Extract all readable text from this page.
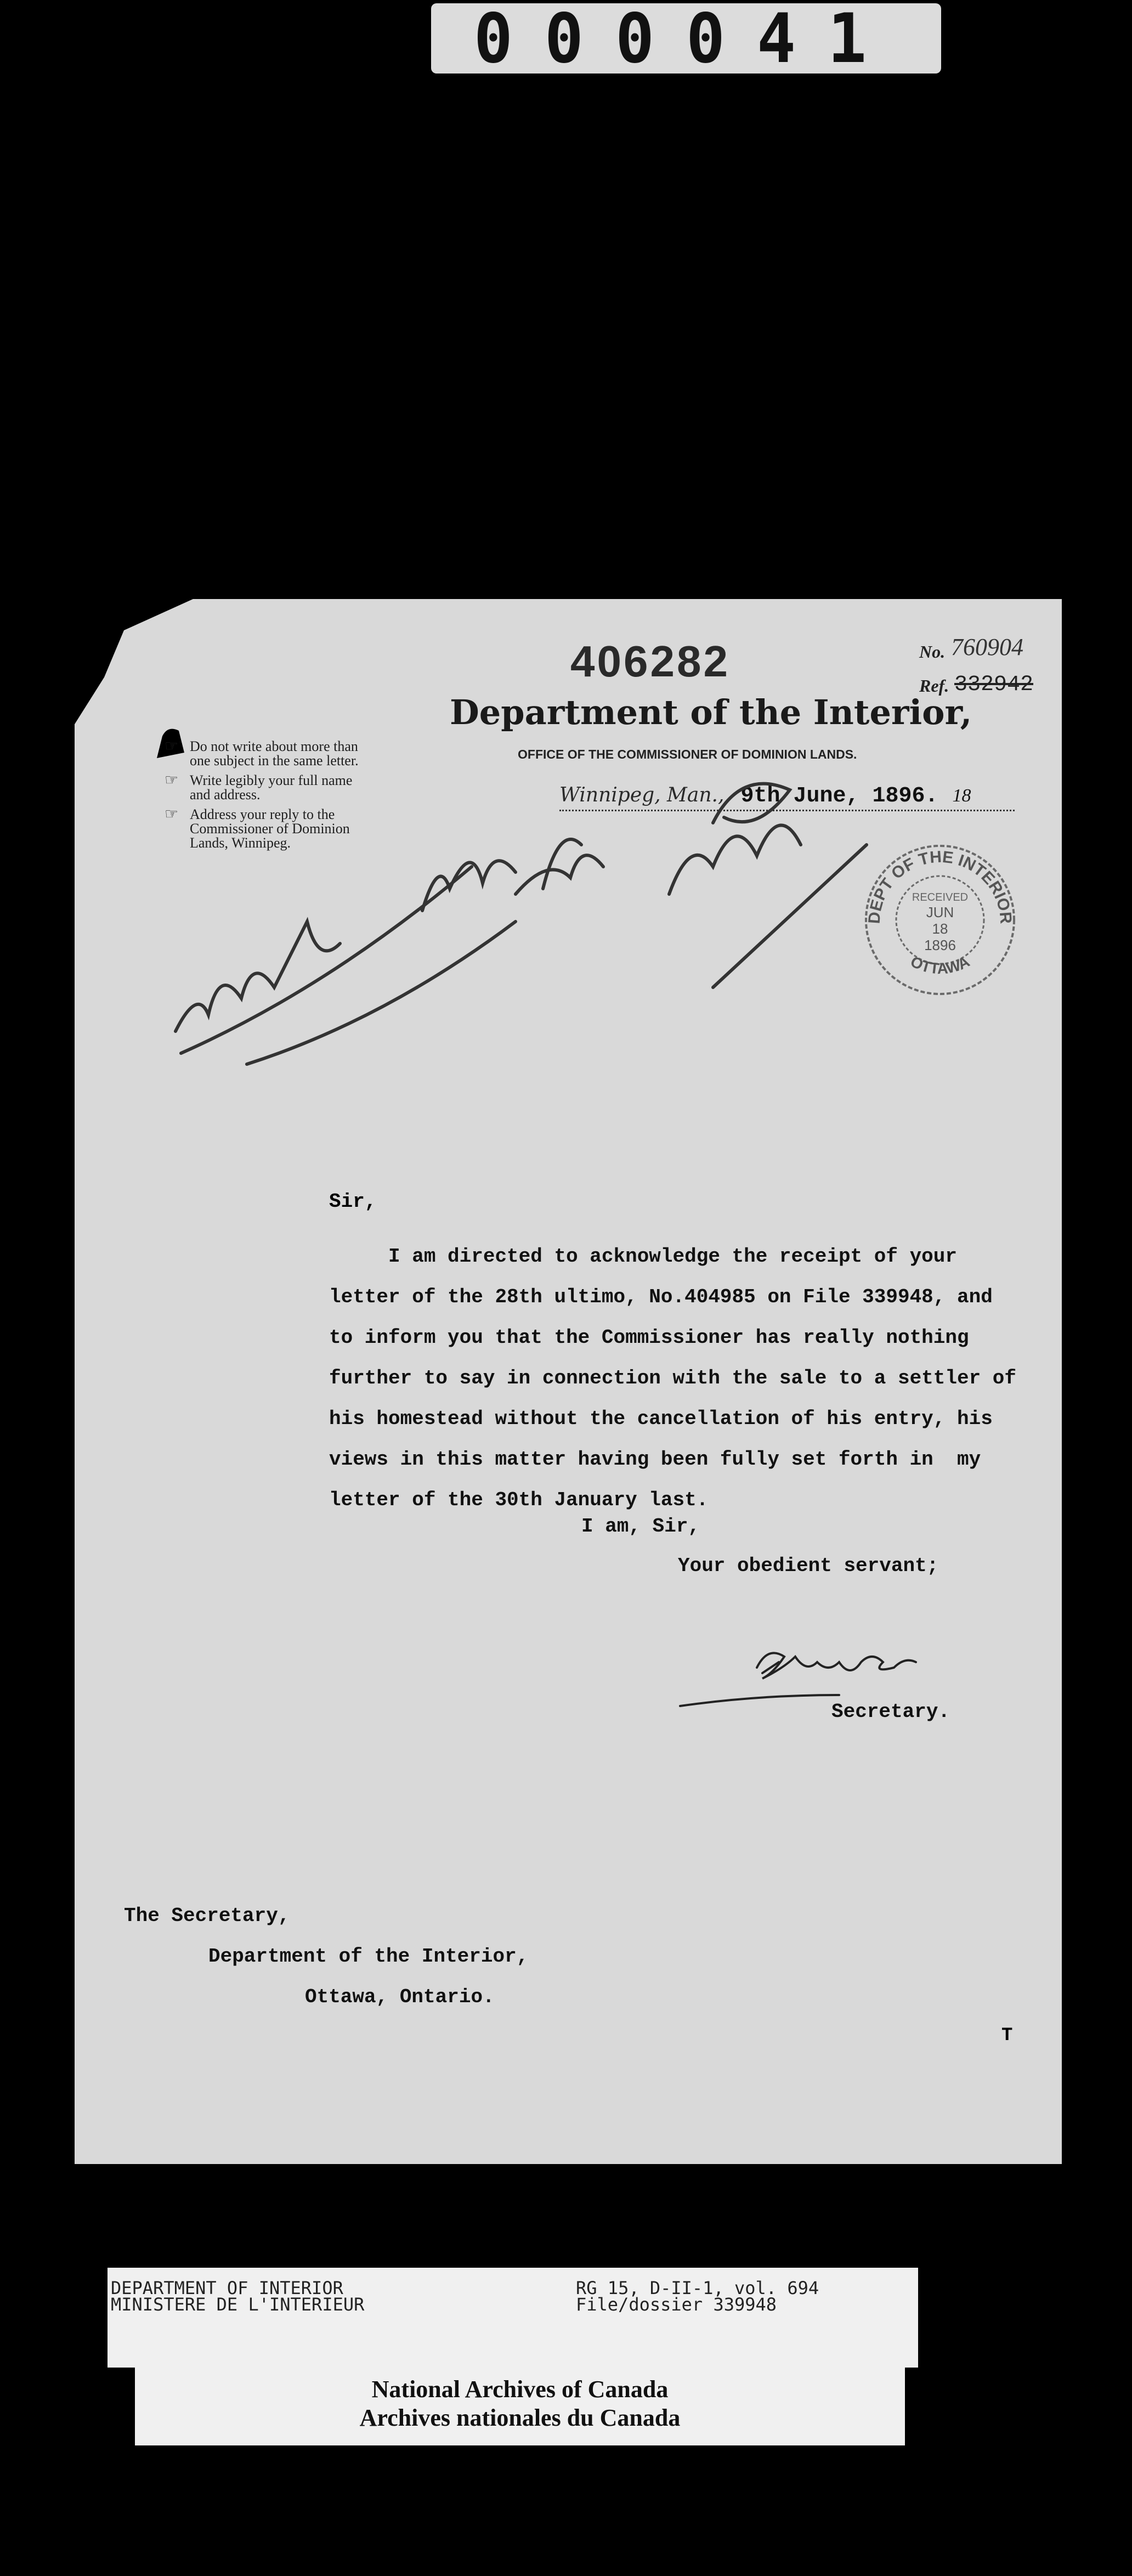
000041
406282	No. 760904
Ref. 332942
Department of the Interior,
OFFICE OF THE COMMISSIONER OF DOMINION LANDS.
☞ Do not write about more than one subject in the same letter.
☞ Write legibly your full name and address.
☞ Address your reply to the Commissioner of Dominion Lands, Winnipeg.
Winnipeg, Man., 9th June, 1896. 18
DEPT OF THE INTERIOR
OTTAWA
RECEIVED
JUN
18
1896
Sir,
I am directed to acknowledge the receipt of your
letter of the 28th ultimo, No.404985 on File 339948, and
to inform you that the Commissioner has really nothing
further to say in connection with the sale to a settler of
his homestead without the cancellation of his entry, his
views in this matter having been fully set forth in  my
letter of the 30th January last.
I am, Sir,
Your obedient servant;
Secretary.
The Secretary,
Department of the Interior,
Ottawa, Ontario.
T
DEPARTMENT OF INTERIOR
MINISTERE DE L'INTERIEUR
RG 15, D-II-1, vol. 694
File/dossier 339948
National Archives of Canada
Archives nationales du Canada
